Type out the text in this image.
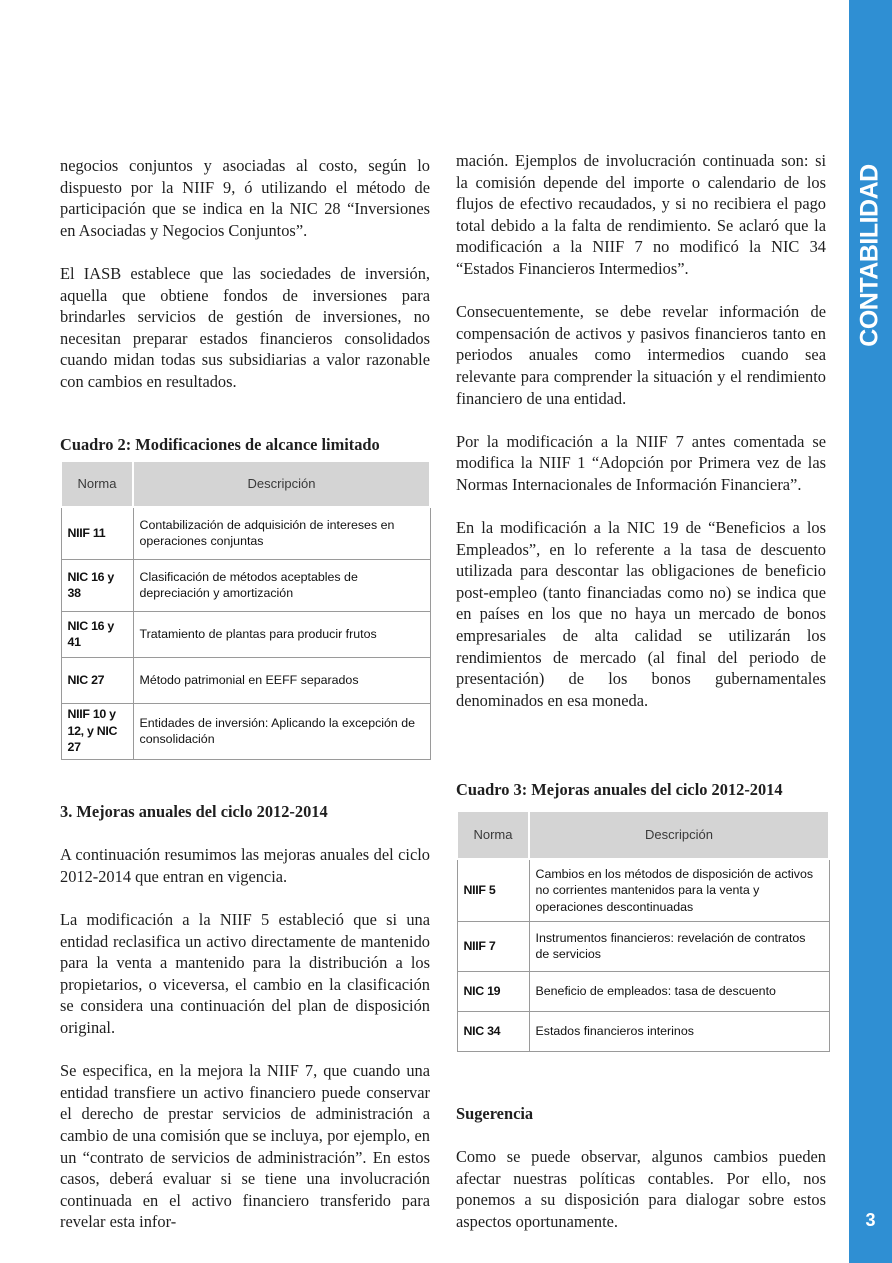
negocios conjuntos y asociadas al costo, según lo dispuesto por la NIIF 9, ó utilizando el método de participación que se indica en la NIC 28 “Inversiones en Asociadas y Negocios Conjuntos”.

El IASB establece que las sociedades de inversión, aquella que obtiene fondos de inversiones para brindarles servicios de gestión de inversiones, no necesitan preparar estados financieros consolidados cuando midan todas sus subsidiarias a valor razonable con cambios en resultados.

Cuadro 2: Modificaciones de alcance limitado
Norma	Descripción
NIIF 11	Contabilización de adquisición de intereses en operaciones conjuntas
NIC 16 y 38	Clasificación de métodos aceptables de depreciación y amortización
NIC 16 y 41	Tratamiento de plantas para producir frutos
NIC 27	Método patrimonial en EEFF separados
NIIF 10 y 12, y NIC 27	Entidades de inversión: Aplicando la excepción de consolidación

3. Mejoras anuales del ciclo 2012-2014

A continuación resumimos las mejoras anuales del ciclo 2012-2014 que entran en vigencia.

La modificación a la NIIF 5 estableció que si una entidad reclasifica un activo directamente de mantenido para la venta a mantenido para la distribución a los propietarios, o viceversa, el cambio en la clasificación se considera una continuación del plan de disposición original.

Se especifica, en la mejora la NIIF 7, que cuando una entidad transfiere un activo financiero puede conservar el derecho de prestar servicios de administración a cambio de una comisión que se incluya, por ejemplo, en un “contrato de servicios de administración”. En estos casos, deberá evaluar si se tiene una involucración continuada en el activo financiero transferido para revelar esta infor-

mación. Ejemplos de involucración continuada son: si la comisión depende del importe o calendario de los flujos de efectivo recaudados, y si no recibiera el pago total debido a la falta de rendimiento. Se aclaró que la modificación a la NIIF 7 no modificó la NIC 34 “Estados Financieros Intermedios”.

Consecuentemente, se debe revelar información de compensación de activos y pasivos financieros tanto en periodos anuales como intermedios cuando sea relevante para comprender la situación y el rendimiento financiero de una entidad.

Por la modificación a la NIIF 7 antes comentada se modifica la NIIF 1 “Adopción por Primera vez de las Normas Internacionales de Información Financiera”.

En la modificación a la NIC 19 de “Beneficios a los Empleados”, en lo referente a la tasa de descuento utilizada para descontar las obligaciones de beneficio post-empleo (tanto financiadas como no) se indica que en países en los que no haya un mercado de bonos empresariales de alta calidad se utilizarán los rendimientos de mercado (al final del periodo de presentación) de los bonos gubernamentales denominados en esa moneda.

Cuadro 3: Mejoras anuales del ciclo 2012-2014
Norma	Descripción
NIIF 5	Cambios en los métodos de disposición de activos no corrientes mantenidos para la venta y operaciones descontinuadas
NIIF 7	Instrumentos financieros: revelación de contratos de servicios
NIC 19	Beneficio de empleados: tasa de descuento
NIC 34	Estados financieros interinos

Sugerencia

Como se puede observar, algunos cambios pueden afectar nuestras políticas contables. Por ello, nos ponemos a su disposición para dialogar sobre estos aspectos oportunamente.

CONTABILIDAD
3
